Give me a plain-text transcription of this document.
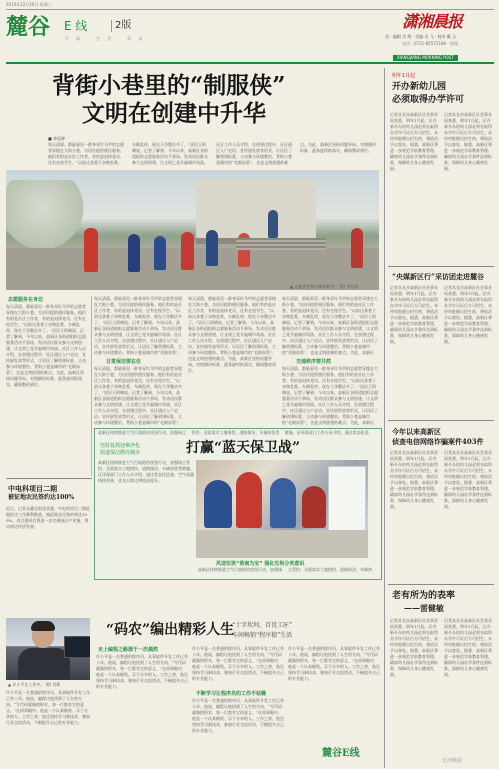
2019年12月26日 星期三
麓谷 E 线	2版
行 政 · 生 活 · 资 讯
潇湘晨报
责 · 编辑 肖 维 · 美编 吴 飞 · 校对 戴 玉
电话：0731-85571188 · 热线
XIANGJIANG MORNING POST
背街小巷里的“制服侠”
文明在创建中升华
■ 李弘婷
每天清晨，都能看见一群身穿红马甲的志愿者穿梭在大街小巷，为居民提供便民服务。他们有的是社区工作者，有的是退休党员，还有在校学生。“以前这条巷子杂物乱堆，车辆乱停，现在干净整洁多了。”居民王阿姨说。记者了解到，今年以来，高新区各街道组织志愿服务活动千余场，发动居民群众参与文明创建，让文明之花开遍城市角落。社区工作人员介绍，在创建过程中，社区通过入户走访、宣传册发放等形式，让居民了解创建标准，主动参与环境整治。背街小巷是城市的“毛细血管”，也是文明创建的难点。为此，高新区坚持问题导向，对照测评标准，逐条逐项抓落实，确保整改到位。
▲ 志愿者在路口维护秩序。 图/ 李弘婷
志愿服务在身边
每天清晨，都能看见一群身穿红马甲的志愿者穿梭在大街小巷，为居民提供便民服务。他们有的是社区工作者，有的是退休党员，还有在校学生。“以前这条巷子杂物乱堆，车辆乱停，现在干净整洁多了。”居民王阿姨说。记者了解到，今年以来，高新区各街道组织志愿服务活动千余场，发动居民群众参与文明创建，让文明之花开遍城市角落。社区工作人员介绍，在创建过程中，社区通过入户走访、宣传册发放等形式，让居民了解创建标准，主动参与环境整治。背街小巷是城市的“毛细血管”，也是文明创建的难点。为此，高新区坚持问题导向，对照测评标准，逐条逐项抓落实，确保整改到位。
每天清晨，都能看见一群身穿红马甲的志愿者穿梭在大街小巷，为居民提供便民服务。他们有的是社区工作者，有的是退休党员，还有在校学生。“以前这条巷子杂物乱堆，车辆乱停，现在干净整洁多了。”居民王阿姨说。记者了解到，今年以来，高新区各街道组织志愿服务活动千余场，发动居民群众参与文明创建，让文明之花开遍城市角落。社区工作人员介绍，在创建过程中，社区通过入户走访、宣传册发放等形式，让居民了解创建标准，主动参与环境整治。背街小巷是城市的“毛细血管”，
日常保洁要在位
每天清晨，都能看见一群身穿红马甲的志愿者穿梭在大街小巷，为居民提供便民服务。他们有的是社区工作者，有的是退休党员，还有在校学生。“以前这条巷子杂物乱堆，车辆乱停，现在干净整洁多了。”居民王阿姨说。记者了解到，今年以来，高新区各街道组织志愿服务活动千余场，发动居民群众参与文明创建，让文明之花开遍城市角落。社区工作人员介绍，在创建过程中，社区通过入户走访、宣传册发放等形式，让居民了解创建标准，主动参与环境整治。背街小巷是城市的“毛细血管”，
每天清晨，都能看见一群身穿红马甲的志愿者穿梭在大街小巷，为居民提供便民服务。他们有的是社区工作者，有的是退休党员，还有在校学生。“以前这条巷子杂物乱堆，车辆乱停，现在干净整洁多了。”居民王阿姨说。记者了解到，今年以来，高新区各街道组织志愿服务活动千余场，发动居民群众参与文明创建，让文明之花开遍城市角落。社区工作人员介绍，在创建过程中，社区通过入户走访、宣传册发放等形式，让居民了解创建标准，主动参与环境整治。背街小巷是城市的“毛细血管”，也是文明创建的难点。为此，高新区坚持问题导向，对照测评标准，逐条逐项抓落实，确保整改到位。
每天清晨，都能看见一群身穿红马甲的志愿者穿梭在大街小巷，为居民提供便民服务。他们有的是社区工作者，有的是退休党员，还有在校学生。“以前这条巷子杂物乱堆，车辆乱停，现在干净整洁多了。”居民王阿姨说。记者了解到，今年以来，高新区各街道组织志愿服务活动千余场，发动居民群众参与文明创建，让文明之花开遍城市角落。社区工作人员介绍，在创建过程中，社区通过入户走访、宣传册发放等形式，让居民了解创建标准，主动参与环境整治。背街小巷是城市的“毛细血管”，也是文明创建的难点。为此，高新区
交通秩序要井然
每天清晨，都能看见一群身穿红马甲的志愿者穿梭在大街小巷，为居民提供便民服务。他们有的是社区工作者，有的是退休党员，还有在校学生。“以前这条巷子杂物乱堆，车辆乱停，现在干净整洁多了。”居民王阿姨说。记者了解到，今年以来，高新区各街道组织志愿服务活动千余场，发动居民群众参与文明创建，让文明之花开遍城市角落。社区工作人员介绍，在创建过程中，社区通过入户走访、宣传册发放等形式，让居民了解创建标准，主动参与环境整治。背街小巷是城市的“毛细血管”，也是文明创建的难点。为此，高新区
明年1月起
开办新幼儿园
必须取得办学许可
记者从长沙高新区社会事业局获悉，明年1月起，区内新开办的幼儿园必须先取得办学许可证后方可招生。未经审批擅自招生的，将依法予以查处。据悉，高新区将进一步规范学前教育管理，确保幼儿园办学条件达到标准，保障幼儿身心健康发展。
记者从长沙高新区社会事业局获悉，明年1月起，区内新开办的幼儿园必须先取得办学许可证后方可招生。未经审批擅自招生的，将依法予以查处。据悉，高新区将进一步规范学前教育管理，确保幼儿园办学条件达到标准，保障幼儿身心健康发展。
“央媒新区行”采访团走进麓谷
记者从长沙高新区社会事业局获悉，明年1月起，区内新开办的幼儿园必须先取得办学许可证后方可招生。未经审批擅自招生的，将依法予以查处。据悉，高新区将进一步规范学前教育管理，确保幼儿园办学条件达到标准，保障幼儿身心健康发展。
记者从长沙高新区社会事业局获悉，明年1月起，区内新开办的幼儿园必须先取得办学许可证后方可招生。未经审批擅自招生的，将依法予以查处。据悉，高新区将进一步规范学前教育管理，确保幼儿园办学条件达到标准，保障幼儿身心健康发展。
今年以来高新区
侦查电信网络诈骗案件403件
记者从长沙高新区社会事业局获悉，明年1月起，区内新开办的幼儿园必须先取得办学许可证后方可招生。未经审批擅自招生的，将依法予以查处。据悉，高新区将进一步规范学前教育管理，确保幼儿园办学条件达到标准，保障幼儿身心健康发展。
记者从长沙高新区社会事业局获悉，明年1月起，区内新开办的幼儿园必须先取得办学许可证后方可招生。未经审批擅自招生的，将依法予以查处。据悉，高新区将进一步规范学前教育管理，确保幼儿园办学条件达到标准，保障幼儿身心健康发展。
老有所为的表率
——雷健敏
记者从长沙高新区社会事业局获悉，明年1月起，区内新开办的幼儿园必须先取得办学许可证后方可招生。未经审批擅自招生的，将依法予以查处。据悉，高新区将进一步规范学前教育管理，确保幼儿园办学条件达到标准，保障幼儿身心健康发展。
记者从长沙高新区社会事业局获悉，明年1月起，区内新开办的幼儿园必须先取得办学许可证后方可招生。未经审批擅自招生的，将依法予以查处。据悉，高新区将进一步规范学前教育管理，确保幼儿园办学条件达到标准，保障幼儿身心健康发展。
中电科项目二期
被征地农民签约达100%
近日，记者从麓谷街道获悉，中电科项目二期征地拆迁工作顺利推进，被征地农民签约率达100%。项目建成后将进一步完善园区产业链，带动周边经济发展。
高新区持续推进大气污染防治攻坚行动，加强扬尘管控，全面落实工地围挡、道路保洁、车辆冲洗等措施。区环保部门工作人员介绍，通过常态化巡
坚持复抓迎难净化
街道保洁擦亮城市	打赢“蓝天保卫战”
高新区持续推进大气污染防治攻坚行动，加强扬尘管控，全面落实工地围挡、道路保洁、车辆冲洗等措施。区环保部门工作人员介绍，通过常态化巡查，空气质量持续改善，优良天数比例稳步提升。
风送垃圾“垂南为宝” 强化垃圾分类意识
高新区持续推进大气污染防治攻坚行动，加强扬尘管控，全面落实工地围挡、道路保洁、车辆冲
▲ 许小平在工作中。 图/ 肖维
许小平是一名普通的程序员，从事软件开发工作已有八年。他说，编程让他找到了人生的方向。“写代码就像搭积木，每一行都有它的意义。”在同事眼中，他是一个认真细致、乐于分享的人。工作之余，他还坚持学习新技术，参加行业交流活动，不断提升自己的专业能力。
“码农”编出精彩人生
“十字坎坷，百优工匠”
车间畅销“程序猿”生活
走上编程之路源于一次偶然
许小平是一名普通的程序员，从事软件开发工作已有八年。他说，编程让他找到了人生的方向。“写代码就像搭积木，每一行都有它的意义。”在同事眼中，他是一个认真细致、乐于分享的人。工作之余，他还坚持学习新技术，参加行业交流活动，不断提升自己的专业能力。
许小平是一名普通的程序员，从事软件开发工作已有八年。他说，编程让他找到了人生的方向。“写代码就像搭积木，每一行都有它的意义。”在同事眼中，他是一个认真细致、乐于分享的人。工作之余，他还坚持学习新技术，参加行业交流活动，不断提升自己的专业能力。
不断学习让程序员的工作不枯燥
许小平是一名普通的程序员，从事软件开发工作已有八年。他说，编程让他找到了人生的方向。“写代码就像搭积木，每一行都有它的意义。”在同事眼中，他是一个认真细致、乐于分享的人。工作之余，他还坚持学习新技术，参加行业交流活动，不断提升自己的专业能力。
许小平是一名普通的程序员，从事软件开发工作已有八年。他说，编程让他找到了人生的方向。“写代码就像搭积木，每一行都有它的意义。”在同事眼中，他是一个认真细致、乐于分享的人。工作之余，他还坚持学习新技术，参加行业交流活动，不断提升自己的专业能力。
麓谷E线
长沙晚报
